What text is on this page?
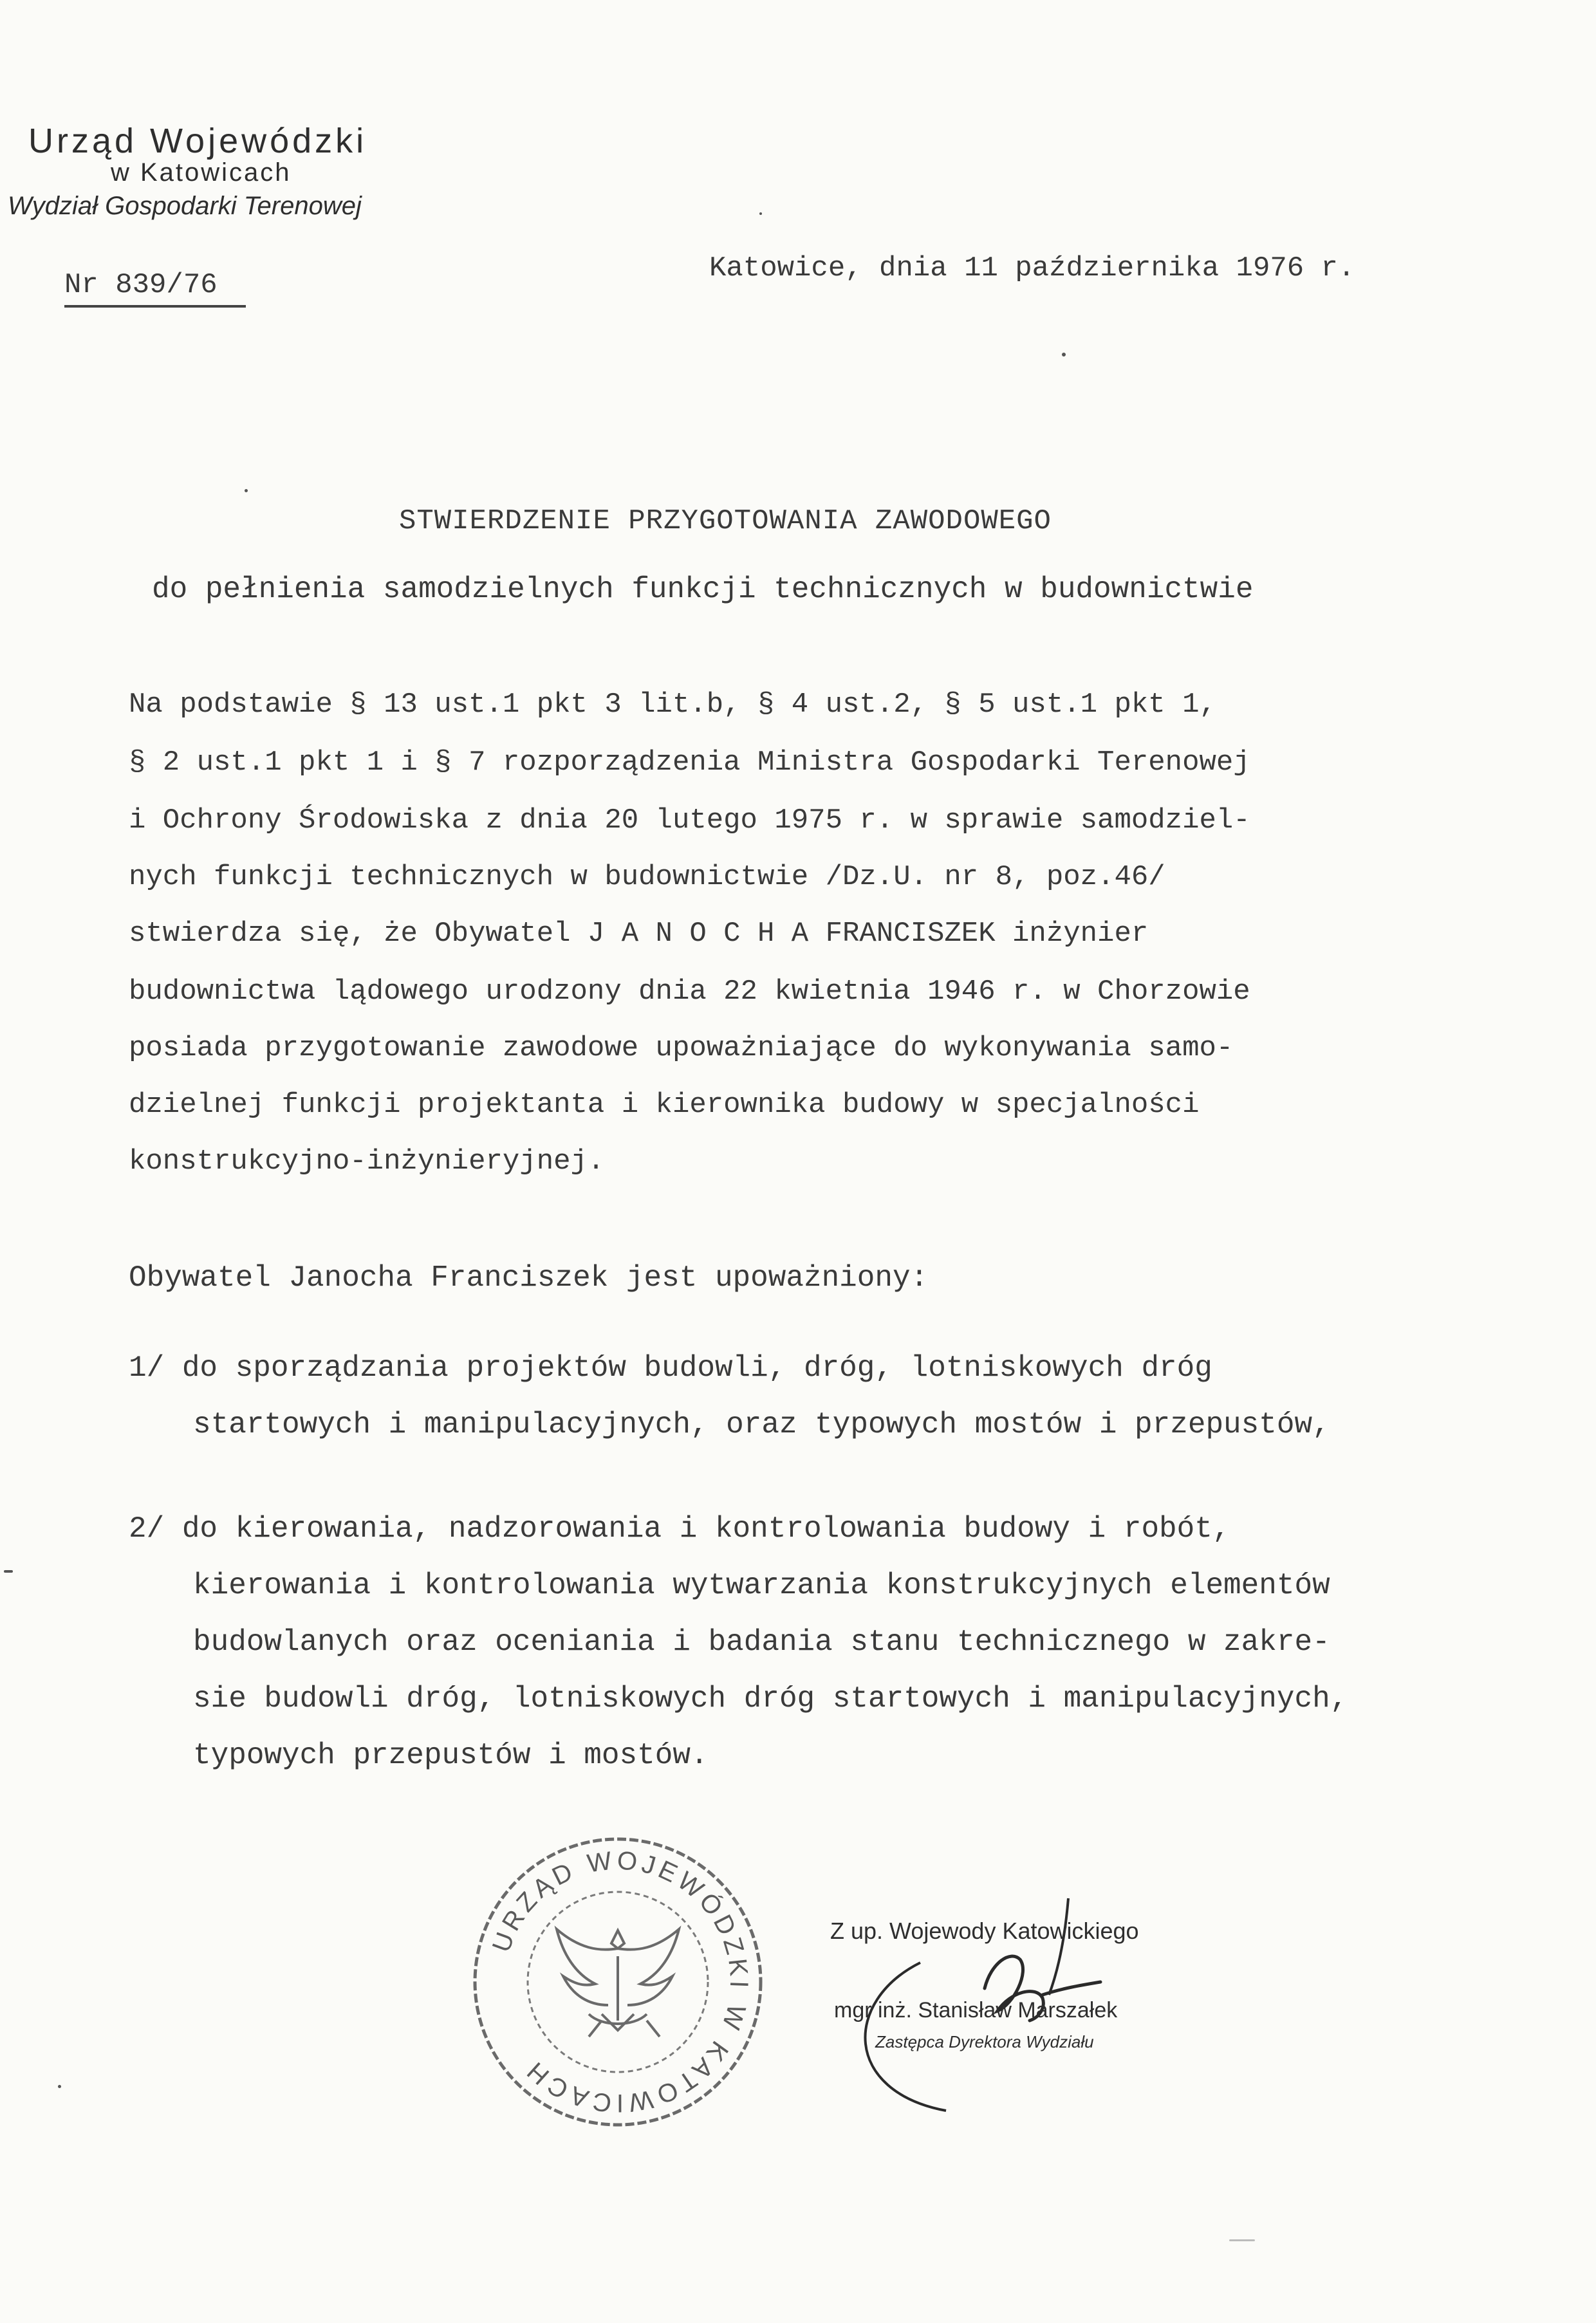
Urząd Wojewódzki
w Katowicach
Wydział Gospodarki Terenowej
Nr 839/76
Katowice, dnia 11 października 1976 r.
STWIERDZENIE PRZYGOTOWANIA ZAWODOWEGO
do pełnienia samodzielnych funkcji technicznych w budownictwie
Na podstawie § 13 ust.1 pkt 3 lit.b, § 4 ust.2, § 5 ust.1 pkt 1,
§ 2 ust.1 pkt 1 i § 7 rozporządzenia Ministra Gospodarki Terenowej
i Ochrony Środowiska z dnia 20 lutego 1975 r. w sprawie samodziel-
nych funkcji technicznych w budownictwie /Dz.U. nr 8, poz.46/
stwierdza się, że Obywatel J A N O C H A FRANCISZEK inżynier
budownictwa lądowego urodzony dnia 22 kwietnia 1946 r. w Chorzowie
posiada przygotowanie zawodowe upoważniające do wykonywania samo-
dzielnej funkcji projektanta i kierownika budowy w specjalności
konstrukcyjno-inżynieryjnej.
Obywatel Janocha Franciszek jest upoważniony:
1/ do sporządzania projektów budowli, dróg, lotniskowych dróg
startowych i manipulacyjnych, oraz typowych mostów i przepustów,
2/ do kierowania, nadzorowania i kontrolowania budowy i robót,
kierowania i kontrolowania wytwarzania konstrukcyjnych elementów
budowlanych oraz oceniania i badania stanu technicznego w zakre-
sie budowli dróg, lotniskowych dróg startowych i manipulacyjnych,
typowych przepustów i mostów.
URZĄD WOJEWÓDZKI W KATOWICACH
Z up. Wojewody Katowickiego
mgr inż. Stanisław Marszałek
Zastępca Dyrektora Wydziału
